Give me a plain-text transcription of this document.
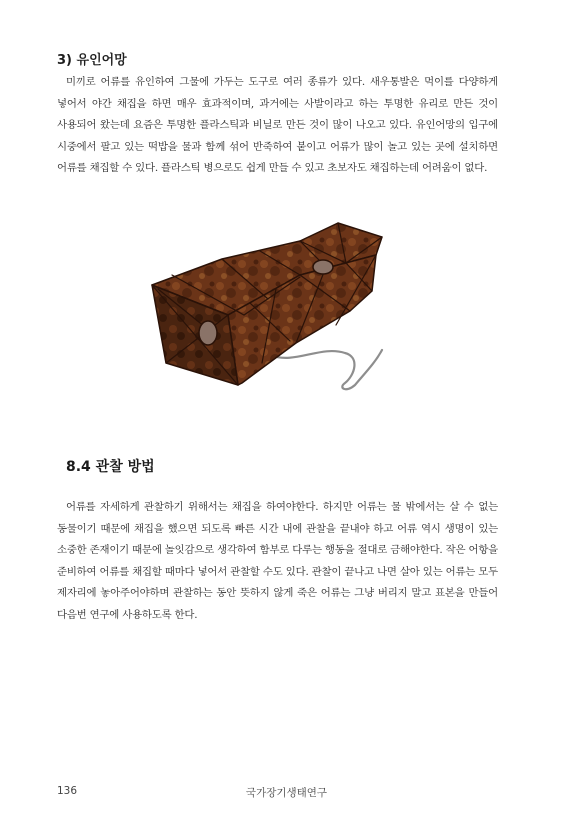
3) 유인어망

미끼로 어류를 유인하여 그물에 가두는 도구로 여러 종류가 있다. 새우통발은 먹이를 다양하게 넣어서 야간 채집을 하면 매우 효과적이며, 과거에는 사발이라고 하는 투명한 유리로 만든 것이 사용되어 왔는데 요즘은 투명한 플라스틱과 비닐로 만든 것이 많이 나오고 있다. 유인어망의 입구에 시중에서 팔고 있는 떡밥을 물과 함께 섞어 반죽하여 붙이고 어류가 많이 놀고 있는 곳에 설치하면 어류를 채집할 수 있다. 플라스틱 병으로도 쉽게 만들 수 있고 초보자도 채집하는데 어려움이 없다.

8.4 관찰 방법

어류를 자세하게 관찰하기 위해서는 채집을 하여야한다. 하지만 어류는 물 밖에서는 살 수 없는 동물이기 때문에 채집을 했으면 되도록 빠른 시간 내에 관찰을 끝내야 하고 어류 역시 생명이 있는 소중한 존재이기 때문에 놀잇감으로 생각하여 함부로 다루는 행동을 절대로 금해야한다. 작은 어항을 준비하여 어류를 채집할 때마다 넣어서 관찰할 수도 있다. 관찰이 끝나고 나면 살아 있는 어류는 모두 제자리에 놓아주어야하며 관찰하는 동안 뜻하지 않게 죽은 어류는 그냥 버리지 말고 표본을 만들어 다음번 연구에 사용하도록 한다.

136	국가장기생태연구
